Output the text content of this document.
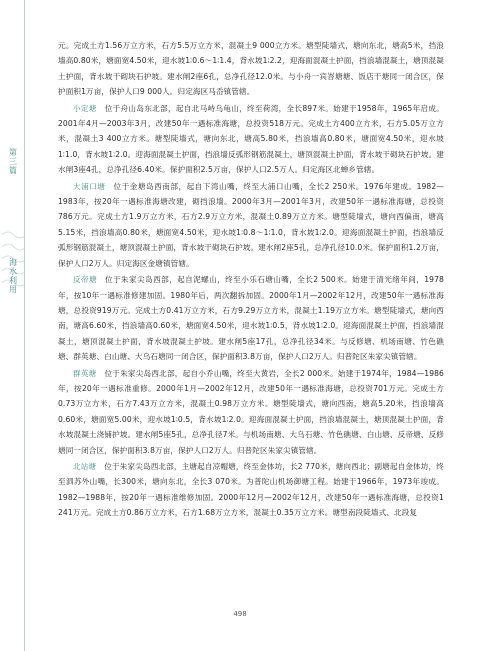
第三篇
海水利用

元。完成土方1.56万立方米，石方5.5万立方米，混凝土9 000立方米。塘型陡墙式，塘向东北，塘高5米，挡浪墙高0.80米，塘面宽4.50米，迎水坡1∶0.6～1∶1.4，背水坡1∶2.2，迎海面混凝土护面，挡浪墙混凝土，塘顶混凝土护面，背水坡干砌块石护坡。建水闸2座6孔，总净孔径12.0米。与小舟一宾峇塘塘、饭店干塘同一闭合区，保护面积1万亩，保护人口9 000人。归定海区马岙镇管辖。

小定塘 位于舟山岛东北部，起自北马峙乌龟山，终至荷湾，全长897米。始建于1958年，1965年启成。2001年4月—2003年3月，改建50年一遇标准海塘，总投资518万元。完成土方400立方米，石方5.05万立方米，混凝土3 400立方米。塘型陡墙式，塘向东北，塘高5.80米，挡浪墙高0.80米，塘面宽4.50米，迎水坡1∶1.0，背水坡1∶2.0。迎海面混凝土护面，挡浪墙反弧形钢筋混凝土，塘顶混凝土护面，背水坡干砌块石护坡。建水闸3座4孔，总净孔径6.40米。保护面积2.5万亩，保护人口2.5万人。归定海区北蝉乡管辖。

大浦口塘 位于金塘岛西南部，起自下湾山嘴，终至大浦口山嘴，全长2 250米。1976年建成。1982—1983年，按20年一遇标准海塘改建，砌挡浪墙。2000年3月—2001年3月，改建50年一遇标准海塘，总投资786万元。完成土方1.9万立方米，石方2.9万立方米，混凝土0.89万立方米。塘型陡墙式，塘向西偏南，塘高5.15米，挡浪墙高0.80米，塘面宽4.50米，迎水坡1∶0.8～1∶1.0，背水坡1∶2.0。迎海面混凝土护面，挡浪墙反弧形钢筋混凝土，塘顶混凝土护面，背水坡干砌块石护坡。建水闸2座5孔，总净孔径10.0米。保护面积1.2万亩，保护人口2万人。归定海区金塘镇管辖。

反帝塘 位于朱家尖岛西部，起自泥螺山，终至小乐石塘山嘴，全长2 500米。始建于清光绪年间，1978年，按10年一遇标准修建加固。1980年后，两次翻拆加固。2000年1月—2002年12月，改建50年一遇标准海塘，总投资919万元。完成土方0.41万立方米，石方9.29万立方米，混凝土1.19万立方米。塘型陡墙式，塘向西南，塘高6.60米，挡浪墙高0.60米，塘面宽4.50米，迎水坡1∶0.5，背水坡1∶2.0。迎海面混凝土护面，挡浪墙混凝土，塘顶混凝土护面，背水坡混凝土护坡。建水闸5座17孔，总净孔径34米。与反修塘、机场南塘、竹色礁塘、群英塘、白山塘、大乌石塘同一闭合区，保护面积3.8万亩，保护人口2万人。归普陀区朱家尖镇管辖。

群英塘 位于朱家尖岛西北部，起自小乔山嘴，终至大黄岩，全长2 000米。始建于1974年，1984—1986年，按20年一遇标准重修。2000年1月—2002年12月，改建50年一遇标准海塘，总投资701万元。完成土方0.73万立方米，石方7.43万立方米，混凝土0.98万立方米。塘型陡墙式，塘向西南，塘高5.20米，挡浪墙高0.60米，塘面宽5.00米，迎水坡1∶0.5，背水坡1∶2.0。迎海面混凝土护面，挡浪墙混凝土，塘顶混凝土护面，背水坡混凝土浇铺护坡。建水闸5座5孔，总净孔径7米。与机场南塘、大乌石塘、竹色礁塘、白山塘、反帝塘、反修塘同一闭合区，保护面积3.8万亩，保护人口2万人。归普陀区朱家尖镇管辖。

北站塘 位于朱家尖岛西北部，主塘起自凉帽塘，终至金体坊，长2 770米，塘向西北；副塘起自金体坊，终至泗苏外山嘴，长300米，塘向东北，全长3 070米。为普陀山机场御塘工程。始建于1966年，1973年竣成。1982—1988年，按20年一遇标准维修加固。2000年12月—2002年12月，改建50年一遇标准海塘，总投资1 241万元。完成土方0.86万立方米，石方1.68万立方米，混凝土0.35万立方米。塘型南段陡墙式、北段复

498
